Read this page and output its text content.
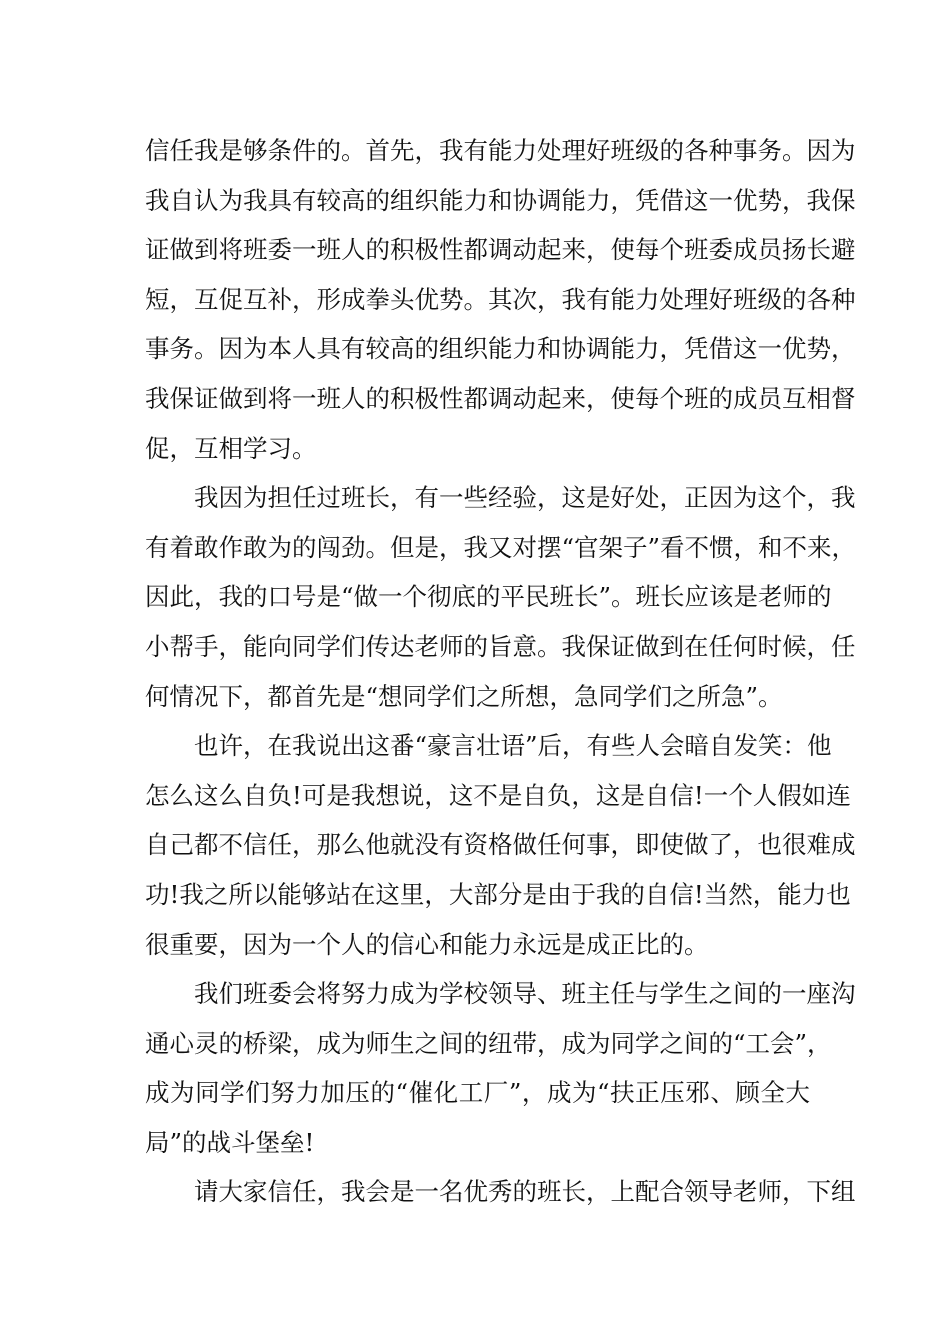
信任我是够条件的。首先，我有能力处理好班级的各种事务。因为
我自认为我具有较高的组织能力和协调能力，凭借这一优势，我保
证做到将班委一班人的积极性都调动起来，使每个班委成员扬长避
短，互促互补，形成拳头优势。其次，我有能力处理好班级的各种
事务。因为本人具有较高的组织能力和协调能力，凭借这一优势，
我保证做到将一班人的积极性都调动起来，使每个班的成员互相督
促，互相学习。
我因为担任过班长，有一些经验，这是好处，正因为这个，我
有着敢作敢为的闯劲。但是，我又对摆“官架子”看不惯，和不来，
因此，我的口号是“做一个彻底的平民班长”。班长应该是老师的
小帮手，能向同学们传达老师的旨意。我保证做到在任何时候，任
何情况下，都首先是“想同学们之所想，急同学们之所急”。
也许，在我说出这番“豪言壮语”后，有些人会暗自发笑：他
怎么这么自负!可是我想说，这不是自负，这是自信!一个人假如连
自己都不信任，那么他就没有资格做任何事，即使做了，也很难成
功!我之所以能够站在这里，大部分是由于我的自信!当然，能力也
很重要，因为一个人的信心和能力永远是成正比的。
我们班委会将努力成为学校领导、班主任与学生之间的一座沟
通心灵的桥梁，成为师生之间的纽带，成为同学之间的“工会”，
成为同学们努力加压的“催化工厂”，成为“扶正压邪、顾全大
局”的战斗堡垒!
请大家信任，我会是一名优秀的班长，上配合领导老师，下组
